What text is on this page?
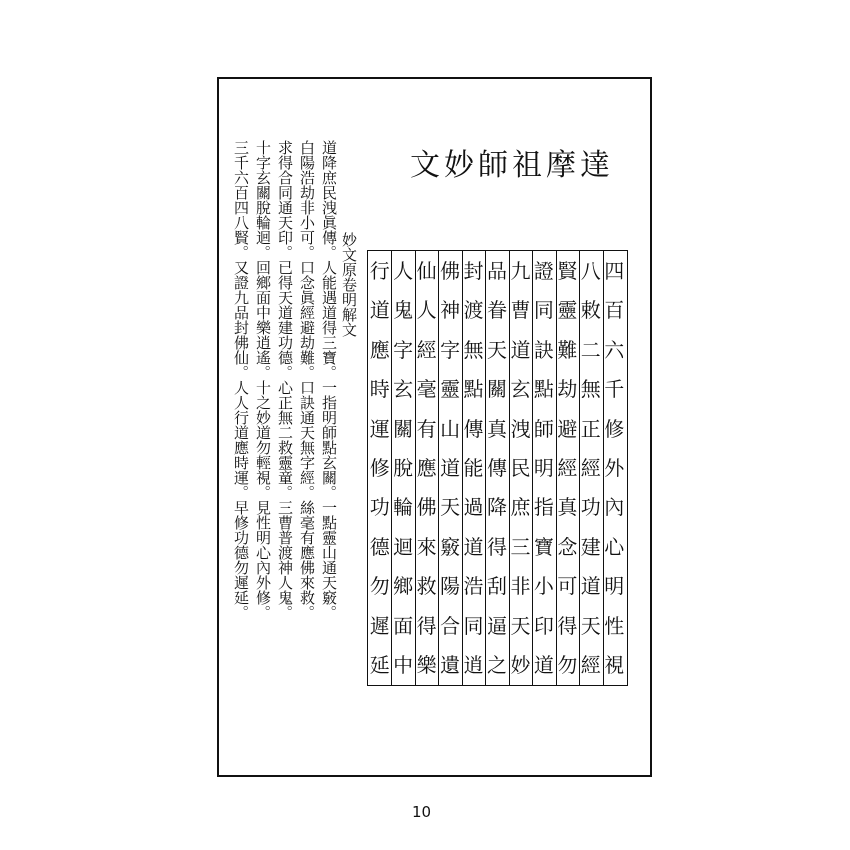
文妙師祖摩達
妙文原卷明解文
道降庶民洩眞傳。人能遇道得三寶。一指明師點玄關。一點靈山通天竅。
白陽浩劫非小可。口念眞經避劫難。口訣通天無字經。絲毫有應佛來救。
求得合同通天印。已得天道建功德。心正無二救靈童。三曹普渡神人鬼。
十字玄關脫輪迴。回鄉面中樂逍遙。十之妙道勿輕視。見性明心內外修。
三千六百四八賢。又證九品封佛仙。人人行道應時運。早修功德勿遲延。	四
百
六
千
修
外
內
心
明
性
視
八
敕
二
無
正
經
功
建
道
天
經
賢
靈
難
劫
避
經
真
念
可
得
勿
證
同
訣
點
師
明
指
寶
小
印
道
九
曹
道
玄
洩
民
庶
三
非
天
妙
品
眷
天
關
真
傳
降
得
刮
逼
之
封
渡
無
點
傳
能
過
道
浩
同
逍
佛
神
字
靈
山
道
天
竅
陽
合
遺
仙
人
經
毫
有
應
佛
來
救
得
樂
人
鬼
字
玄
關
脫
輪
迴
鄉
面
中
行
道
應
時
運
修
功
德
勿
遲
延
10
